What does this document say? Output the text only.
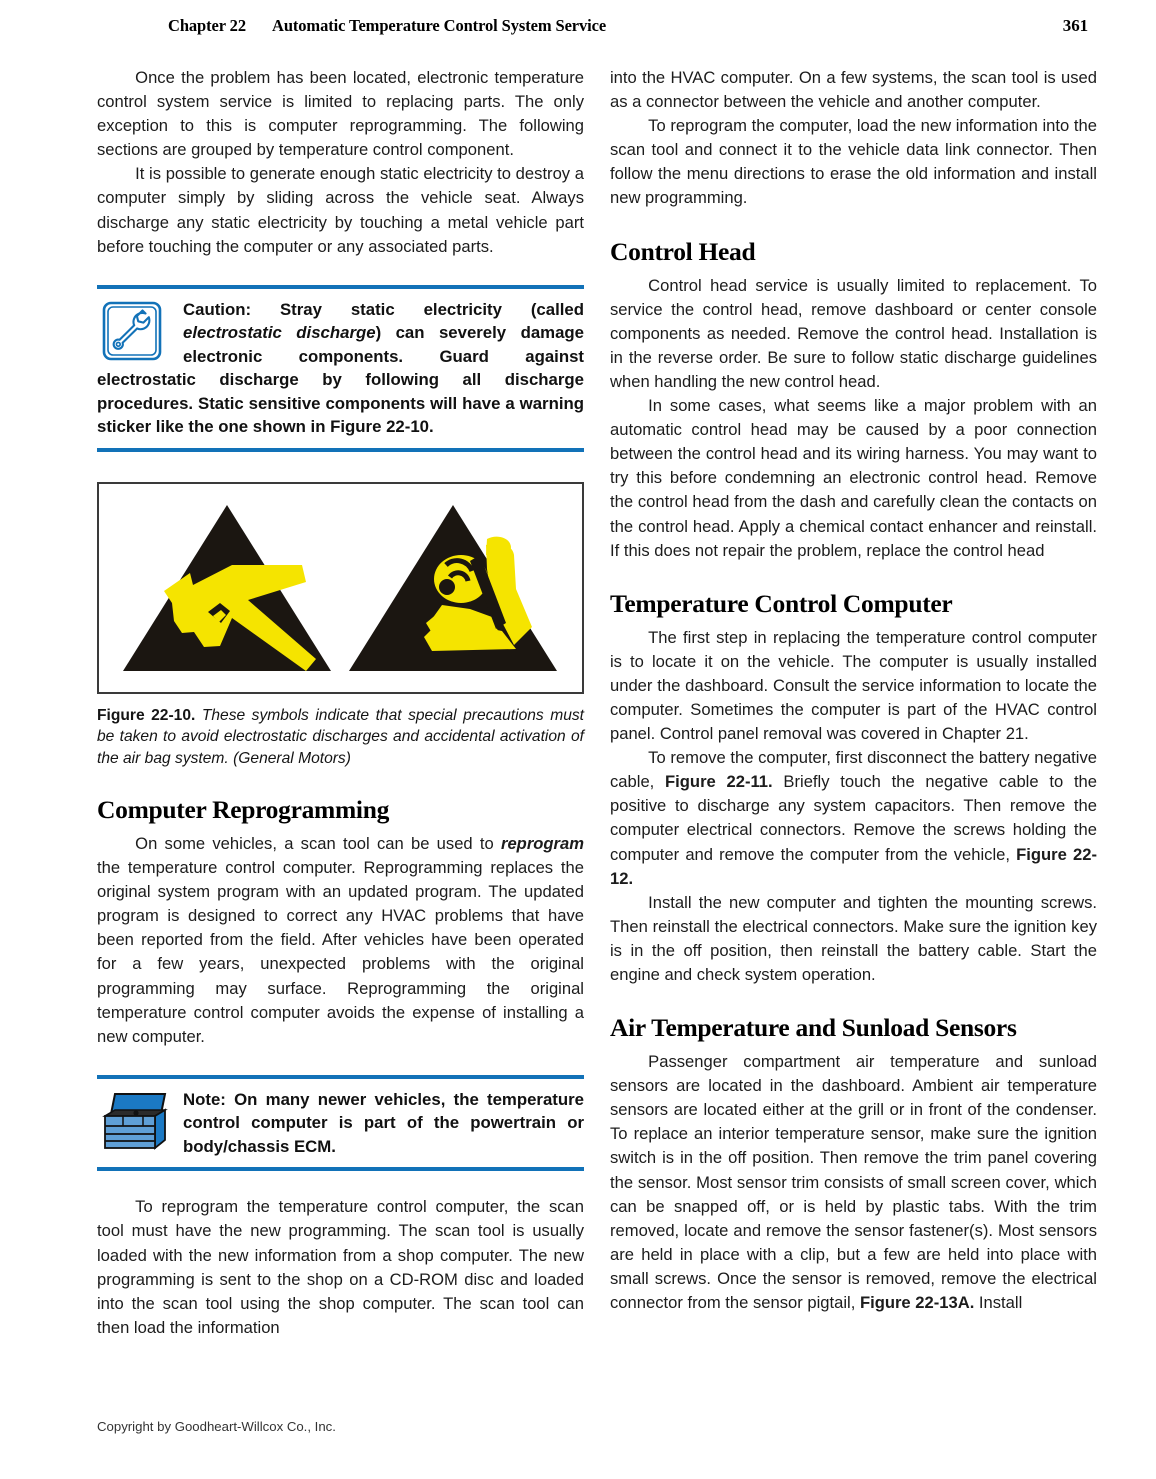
Chapter 22 Automatic Temperature Control System Service	361

Once the problem has been located, electronic temperature control system service is limited to replacing parts. The only exception to this is computer reprogramming. The following sections are grouped by temperature control component.

It is possible to generate enough static electricity to destroy a computer simply by sliding across the vehicle seat. Always discharge any static electricity by touching a metal vehicle part before touching the computer or any associated parts.

Caution: Stray static electricity (called electrostatic discharge) can severely damage electronic components. Guard against electrostatic discharge by following all discharge procedures. Static sensitive components will have a warning sticker like the one shown in Figure 22-10.
Figure 22-10. These symbols indicate that special precautions must be taken to avoid electrostatic discharges and accidental activation of the air bag system. (General Motors)
Computer Reprogramming

On some vehicles, a scan tool can be used to reprogram the temperature control computer. Reprogramming replaces the original system program with an updated program. The updated program is designed to correct any HVAC problems that have been reported from the field. After vehicles have been operated for a few years, unexpected problems with the original programming may surface. Reprogramming the original temperature control computer avoids the expense of installing a new computer.

Note: On many newer vehicles, the temperature control computer is part of the powertrain or body/chassis ECM.

To reprogram the temperature control computer, the scan tool must have the new programming. The scan tool is usually loaded with the new information from a shop computer. The new programming is sent to the shop on a CD-ROM disc and loaded into the scan tool using the shop computer. The scan tool can then load the information

into the HVAC computer. On a few systems, the scan tool is used as a connector between the vehicle and another computer.

To reprogram the computer, load the new information into the scan tool and connect it to the vehicle data link connector. Then follow the menu directions to erase the old information and install new programming.

Control Head

Control head service is usually limited to replacement. To service the control head, remove dashboard or center console components as needed. Remove the control head. Installation is in the reverse order. Be sure to follow static discharge guidelines when handling the new control head.

In some cases, what seems like a major problem with an automatic control head may be caused by a poor connection between the control head and its wiring harness. You may want to try this before condemning an electronic control head. Remove the control head from the dash and carefully clean the contacts on the control head. Apply a chemical contact enhancer and reinstall. If this does not repair the problem, replace the control head

Temperature Control Computer

The first step in replacing the temperature control computer is to locate it on the vehicle. The computer is usually installed under the dashboard. Consult the service information to locate the computer. Sometimes the computer is part of the HVAC control panel. Control panel removal was covered in Chapter 21.

To remove the computer, first disconnect the battery negative cable, Figure 22-11. Briefly touch the negative cable to the positive to discharge any system capacitors. Then remove the computer electrical connectors. Remove the screws holding the computer and remove the computer from the vehicle, Figure 22-12.

Install the new computer and tighten the mounting screws. Then reinstall the electrical connectors. Make sure the ignition key is in the off position, then reinstall the battery cable. Start the engine and check system operation.

Air Temperature and Sunload Sensors

Passenger compartment air temperature and sunload sensors are located in the dashboard. Ambient air temperature sensors are located either at the grill or in front of the condenser. To replace an interior temperature sensor, make sure the ignition switch is in the off position. Then remove the trim panel covering the sensor. Most sensor trim consists of small screen cover, which can be snapped off, or is held by plastic tabs. With the trim removed, locate and remove the sensor fastener(s). Most sensors are held in place with a clip, but a few are held into place with small screws. Once the sensor is removed, remove the electrical connector from the sensor pigtail, Figure 22-13A. Install

Copyright by Goodheart-Willcox Co., Inc.
